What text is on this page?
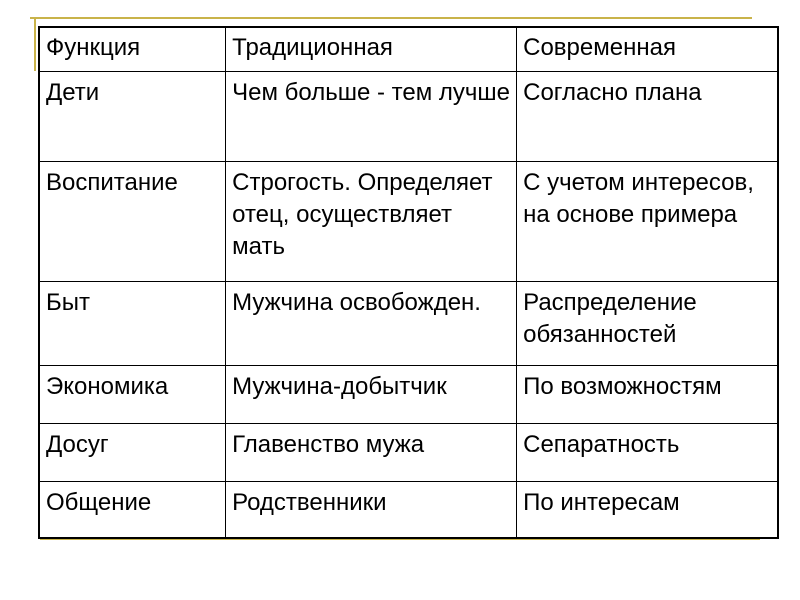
Функция	Традиционная	Современная
Дети	Чем больше - тем лучше	Согласно плана
Воспитание	Строгость. Определяет отец, осуществляет мать	С учетом интересов, на основе примера
Быт	Мужчина освобожден.	Распределение обязанностей
Экономика	Мужчина-добытчик	По возможностям
Досуг	Главенство мужа	Сепаратность
Общение	Родственники	По интересам
